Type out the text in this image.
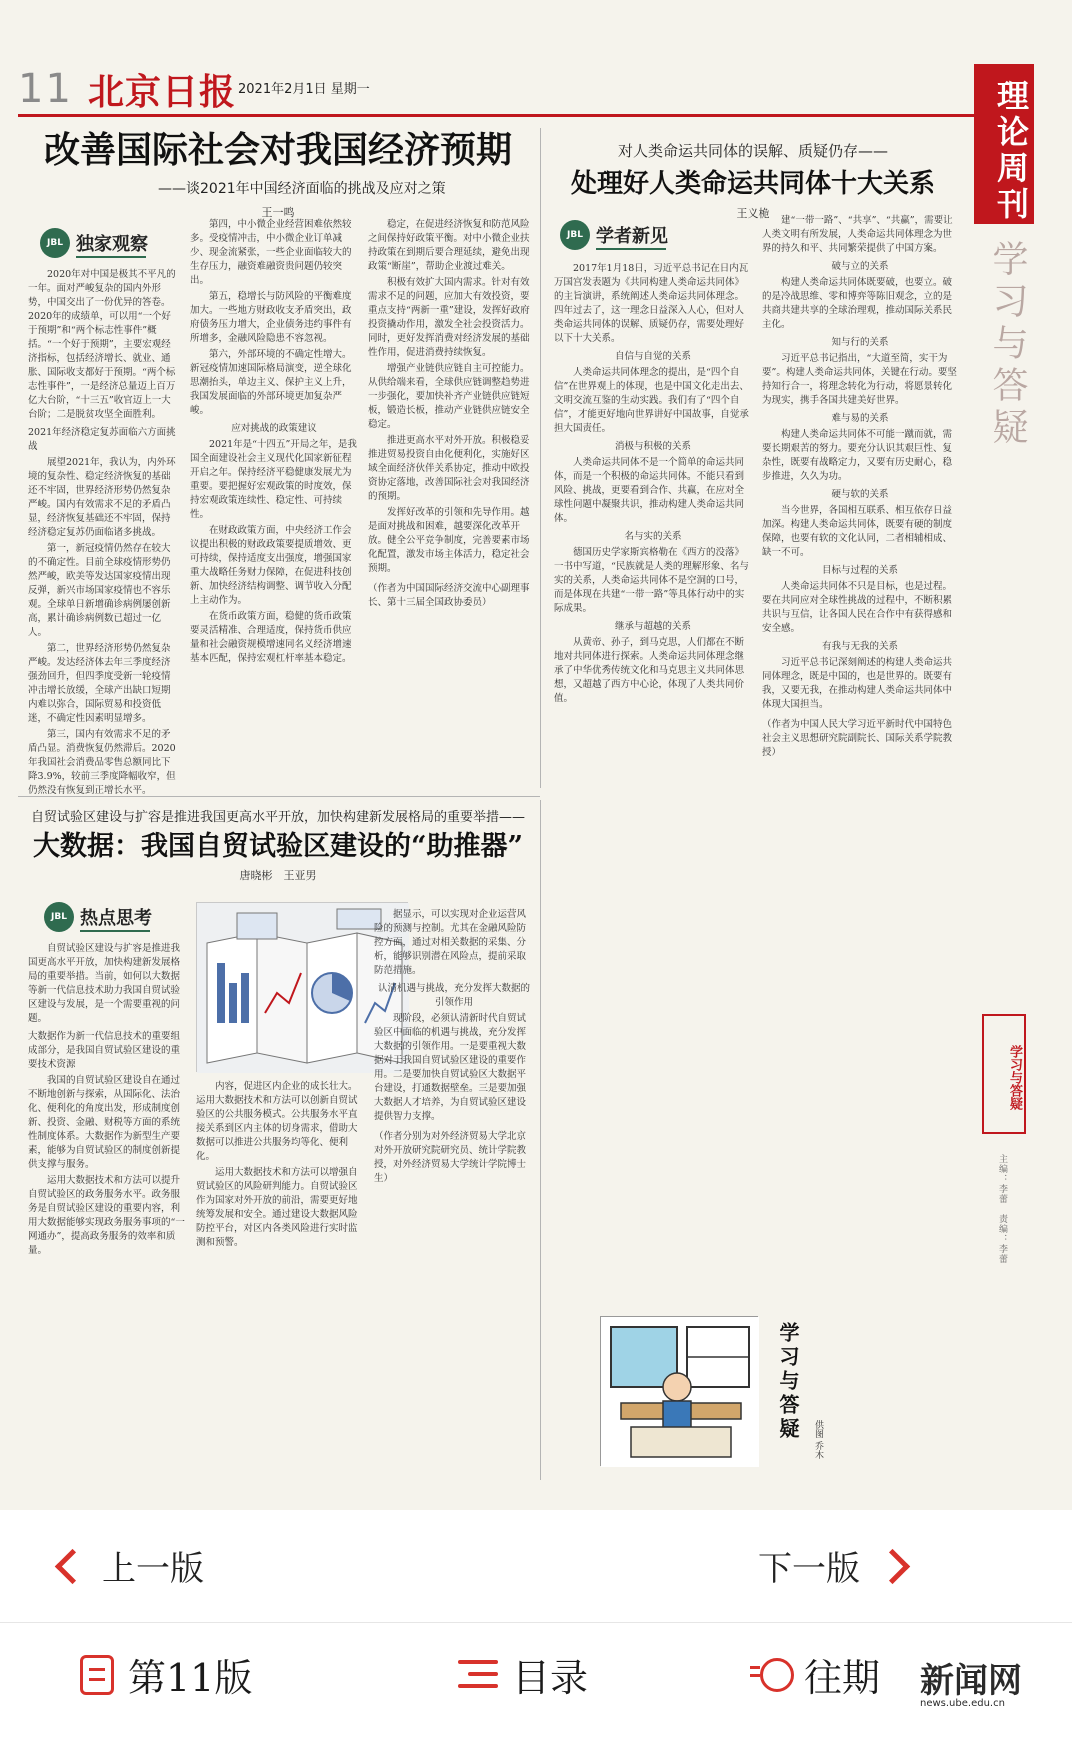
11 北京日报 2021年2月1日 星期一	理论周刊
学习与答疑
学习与答疑
主编：李蕾　责编：李蕾
改善国际社会对我国经济预期
——谈2021年中国经济面临的挑战及应对之策
王一鸣
JBL 独家观察

2020年对中国是极其不平凡的一年。面对严峻复杂的国内外形势，中国交出了一份优异的答卷。2020年的成绩单，可以用“一个好于预期”和“两个标志性事件”概括。“一个好于预期”，主要宏观经济指标，包括经济增长、就业、通胀、国际收支都好于预期。“两个标志性事件”，一是经济总量迈上百万亿大台阶，“十三五”收官迈上一大台阶；二是脱贫攻坚全面胜利。

2021年经济稳定复苏面临六方面挑战

展望2021年，我认为，内外环境的复杂性、稳定经济恢复的基础还不牢固，世界经济形势仍然复杂严峻。国内有效需求不足的矛盾凸显，经济恢复基础还不牢固，保持经济稳定复苏仍面临诸多挑战。

第一，新冠疫情仍然存在较大的不确定性。目前全球疫情形势仍然严峻，欧美等发达国家疫情出现反弹，新兴市场国家疫情也不容乐观。全球单日新增确诊病例屡创新高，累计确诊病例数已超过一亿人。

第二，世界经济形势仍然复杂严峻。发达经济体去年三季度经济强劲回升，但四季度受新一轮疫情冲击增长放缓，全球产出缺口短期内难以弥合，国际贸易和投资低迷，不确定性因素明显增多。

第三，国内有效需求不足的矛盾凸显。消费恢复仍然滞后。2020年我国社会消费品零售总额同比下降3.9%，较前三季度降幅收窄，但仍然没有恢复到正增长水平。

第四，中小微企业经营困难依然较多。受疫情冲击，中小微企业订单减少、现金流紧张，一些企业面临较大的生存压力，融资难融资贵问题仍较突出。

第五，稳增长与防风险的平衡难度加大。一些地方财政收支矛盾突出，政府债务压力增大，企业债务违约事件有所增多，金融风险隐患不容忽视。

第六，外部环境的不确定性增大。新冠疫情加速国际格局演变，逆全球化思潮抬头，单边主义、保护主义上升，我国发展面临的外部环境更加复杂严峻。

应对挑战的政策建议

2021年是“十四五”开局之年，是我国全面建设社会主义现代化国家新征程开启之年。保持经济平稳健康发展尤为重要。要把握好宏观政策的时度效，保持宏观政策连续性、稳定性、可持续性。

在财政政策方面，中央经济工作会议提出积极的财政政策要提质增效、更可持续，保持适度支出强度，增强国家重大战略任务财力保障，在促进科技创新、加快经济结构调整、调节收入分配上主动作为。

在货币政策方面，稳健的货币政策要灵活精准、合理适度，保持货币供应量和社会融资规模增速同名义经济增速基本匹配，保持宏观杠杆率基本稳定。

稳定，在促进经济恢复和防范风险之间保持好政策平衡。对中小微企业扶持政策在到期后要合理延续，避免出现政策“断崖”，帮助企业渡过难关。

积极有效扩大国内需求。针对有效需求不足的问题，应加大有效投资，要重点支持“两新一重”建设，发挥好政府投资撬动作用，激发全社会投资活力。同时，更好发挥消费对经济发展的基础性作用，促进消费持续恢复。

增强产业链供应链自主可控能力。从供给端来看，全球供应链调整趋势进一步强化，要加快补齐产业链供应链短板，锻造长板，推动产业链供应链安全稳定。

推进更高水平对外开放。积极稳妥推进贸易投资自由化便利化，实施好区域全面经济伙伴关系协定，推动中欧投资协定落地，改善国际社会对我国经济的预期。

发挥好改革的引领和先导作用。越是面对挑战和困难，越要深化改革开放。健全公平竞争制度，完善要素市场化配置，激发市场主体活力，稳定社会预期。

（作者为中国国际经济交流中心副理事长、第十三届全国政协委员）

对人类命运共同体的误解、质疑仍存——
处理好人类命运共同体十大关系
王义桅
JBL 学者新见

2017年1月18日，习近平总书记在日内瓦万国宫发表题为《共同构建人类命运共同体》的主旨演讲，系统阐述人类命运共同体理念。四年过去了，这一理念日益深入人心，但对人类命运共同体的误解、质疑仍存，需要处理好以下十大关系。

自信与自觉的关系

人类命运共同体理念的提出，是“四个自信”在世界观上的体现，也是中国文化走出去、文明交流互鉴的生动实践。我们有了“四个自信”，才能更好地向世界讲好中国故事，自觉承担大国责任。

消极与积极的关系

人类命运共同体不是一个简单的命运共同体，而是一个积极的命运共同体。不能只看到风险、挑战，更要看到合作、共赢，在应对全球性问题中凝聚共识，推动构建人类命运共同体。

名与实的关系

德国历史学家斯宾格勒在《西方的没落》一书中写道，“民族就是人类的理解形象、名与实的关系，人类命运共同体不是空洞的口号，而是体现在共建“一带一路”等具体行动中的实际成果。

继承与超越的关系

从黄帝、孙子，到马克思，人们都在不断地对共同体进行探索。人类命运共同体理念继承了中华优秀传统文化和马克思主义共同体思想，又超越了西方中心论，体现了人类共同价值。

建“一带一路”、“共享”、“共赢”，需要让人类文明有所发展，人类命运共同体理念为世界的持久和平、共同繁荣提供了中国方案。

破与立的关系

构建人类命运共同体既要破，也要立。破的是冷战思维、零和博弈等陈旧观念，立的是共商共建共享的全球治理观，推动国际关系民主化。

知与行的关系

习近平总书记指出，“大道至简，实干为要”。构建人类命运共同体，关键在行动。要坚持知行合一，将理念转化为行动，将愿景转化为现实，携手各国共建美好世界。

难与易的关系

构建人类命运共同体不可能一蹴而就，需要长期艰苦的努力。要充分认识其艰巨性、复杂性，既要有战略定力，又要有历史耐心，稳步推进，久久为功。

硬与软的关系

当今世界，各国相互联系、相互依存日益加深。构建人类命运共同体，既要有硬的制度保障，也要有软的文化认同，二者相辅相成、缺一不可。

目标与过程的关系

人类命运共同体不只是目标，也是过程。要在共同应对全球性挑战的过程中，不断积累共识与互信，让各国人民在合作中有获得感和安全感。

有我与无我的关系

习近平总书记深刻阐述的构建人类命运共同体理念，既是中国的，也是世界的。既要有我，又要无我，在推动构建人类命运共同体中体现大国担当。

（作者为中国人民大学习近平新时代中国特色社会主义思想研究院副院长、国际关系学院教授）

学习与答疑	供图 乔木
自贸试验区建设与扩容是推进我国更高水平开放，加快构建新发展格局的重要举措——
大数据：我国自贸试验区建设的“助推器”
唐晓彬　王亚男
JBL 热点思考

自贸试验区建设与扩容是推进我国更高水平开放，加快构建新发展格局的重要举措。当前，如何以大数据等新一代信息技术助力我国自贸试验区建设与发展，是一个需要重视的问题。

大数据作为新一代信息技术的重要组成部分，是我国自贸试验区建设的重要技术资源

我国的自贸试验区建设自在通过不断地创新与探索，从国际化、法治化、便利化的角度出发，形成制度创新、投资、金融、财税等方面的系统性制度体系。大数据作为新型生产要素，能够为自贸试验区的制度创新提供支撑与服务。

运用大数据技术和方法可以提升自贸试验区的政务服务水平。政务服务是自贸试验区建设的重要内容，利用大数据能够实现政务服务事项的“一网通办”，提高政务服务的效率和质量。

内容，促进区内企业的成长壮大。运用大数据技术和方法可以创新自贸试验区的公共服务模式。公共服务水平直接关系到区内主体的切身需求，借助大数据可以推进公共服务均等化、便利化。

运用大数据技术和方法可以增强自贸试验区的风险研判能力。自贸试验区作为国家对外开放的前沿，需要更好地统筹发展和安全。通过建设大数据风险防控平台，对区内各类风险进行实时监测和预警。

据显示，可以实现对企业运营风险的预测与控制。尤其在金融风险防控方面，通过对相关数据的采集、分析，能够识别潜在风险点，提前采取防范措施。

认清机遇与挑战，充分发挥大数据的引领作用

现阶段，必须认清新时代自贸试验区中面临的机遇与挑战，充分发挥大数据的引领作用。一是要重视大数据对于我国自贸试验区建设的重要作用。二是要加快自贸试验区大数据平台建设，打通数据壁垒。三是要加强大数据人才培养，为自贸试验区建设提供智力支撑。

（作者分别为对外经济贸易大学北京对外开放研究院研究员、统计学院教授，对外经济贸易大学统计学院博士生）

上一版	下一版
第11版	目录	往期 新闻网
news.ube.edu.cn
